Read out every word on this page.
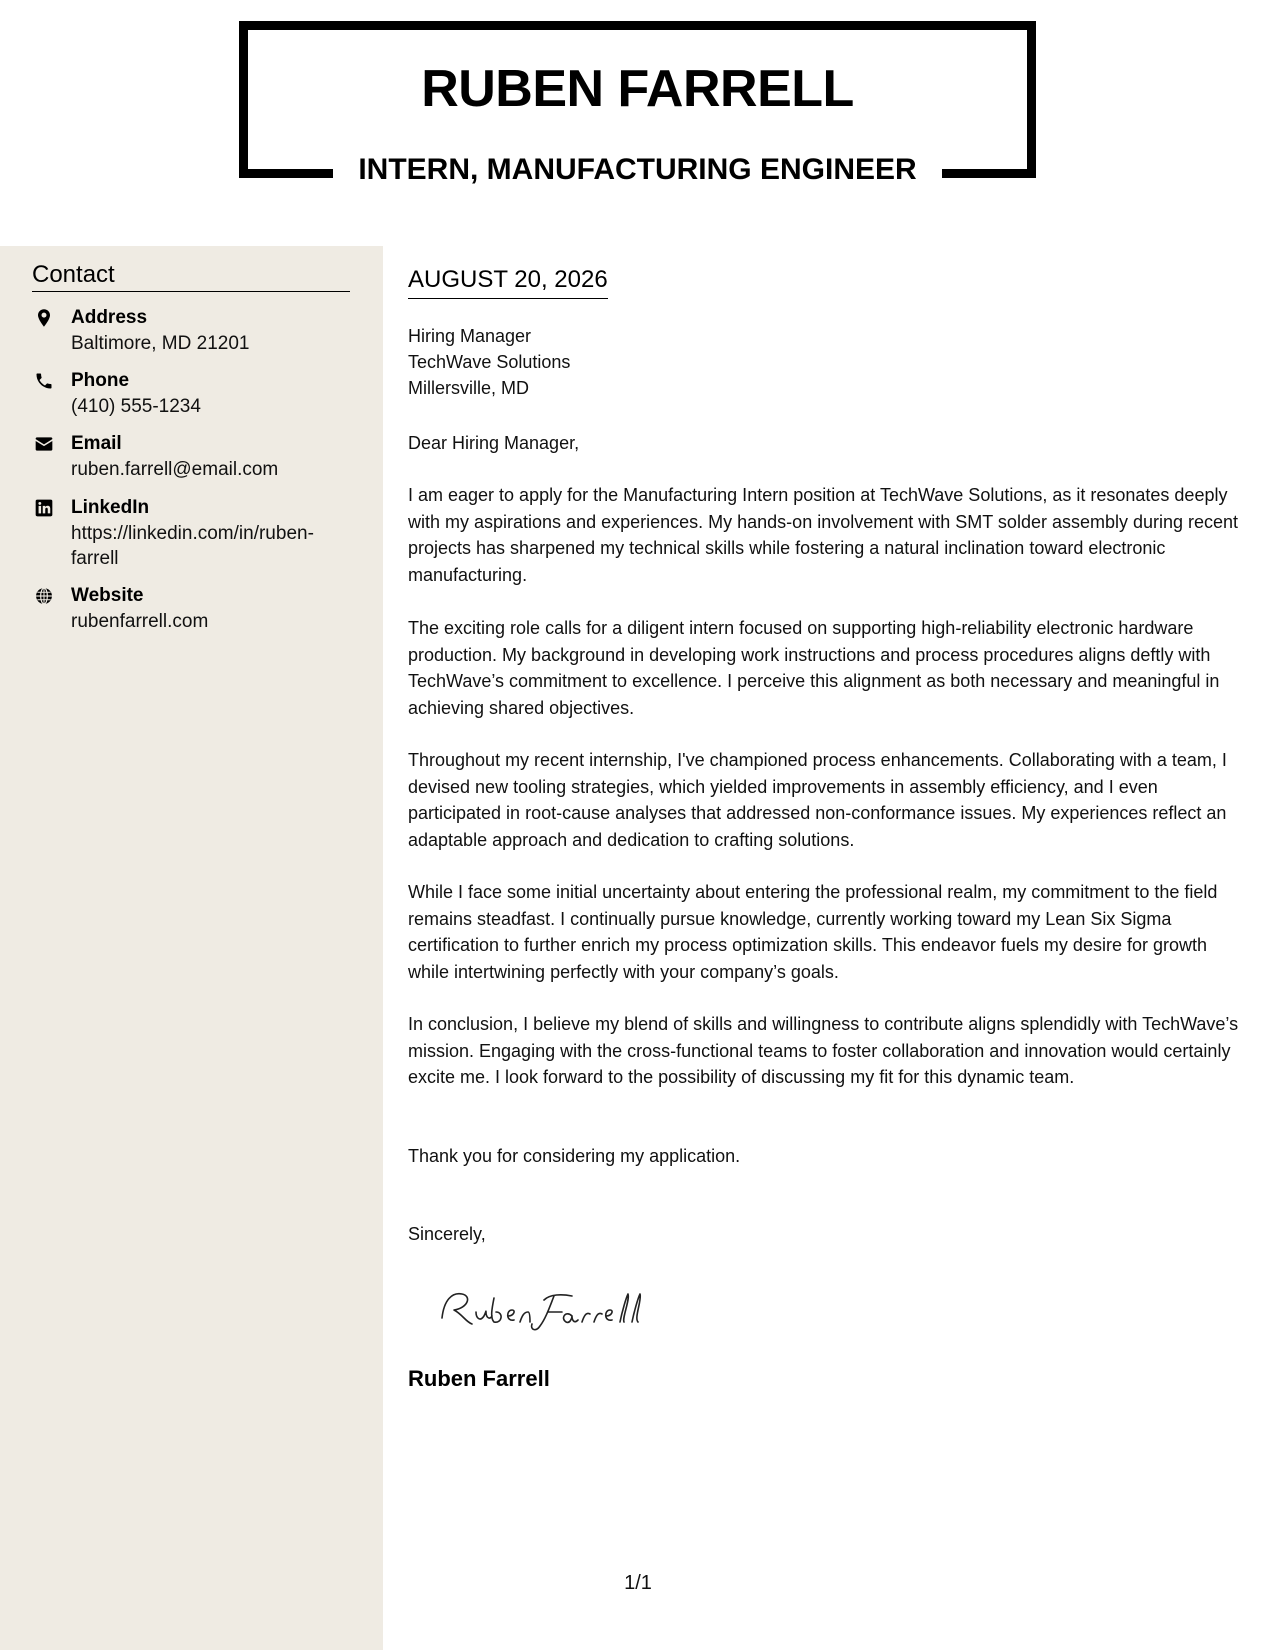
RUBEN FARRELL
INTERN, MANUFACTURING ENGINEER
Contact
Address
Baltimore, MD 21201
Phone
(410) 555-1234
Email
ruben.farrell@email.com
LinkedIn
https://linkedin.com/in/ruben-farrell
Website
rubenfarrell.com
AUGUST 20, 2026
Hiring Manager
TechWave Solutions
Millersville, MD
Dear Hiring Manager,

I am eager to apply for the Manufacturing Intern position at TechWave Solutions, as it resonates deeply with my aspirations and experiences. My hands-on involvement with SMT solder assembly during recent projects has sharpened my technical skills while fostering a natural inclination toward electronic manufacturing.

The exciting role calls for a diligent intern focused on supporting high-reliability electronic hardware production. My background in developing work instructions and process procedures aligns deftly with TechWave’s commitment to excellence. I perceive this alignment as both necessary and meaningful in achieving shared objectives.

Throughout my recent internship, I've championed process enhancements. Collaborating with a team, I devised new tooling strategies, which yielded improvements in assembly efficiency, and I even participated in root-cause analyses that addressed non-conformance issues. My experiences reflect an adaptable approach and dedication to crafting solutions.

While I face some initial uncertainty about entering the professional realm, my commitment to the field remains steadfast. I continually pursue knowledge, currently working toward my Lean Six Sigma certification to further enrich my process optimization skills. This endeavor fuels my desire for growth while intertwining perfectly with your company’s goals.

In conclusion, I believe my blend of skills and willingness to contribute aligns splendidly with TechWave’s mission. Engaging with the cross-functional teams to foster collaboration and innovation would certainly excite me. I look forward to the possibility of discussing my fit for this dynamic team.

Thank you for considering my application.

Sincerely,
Ruben Farrell
1/1
